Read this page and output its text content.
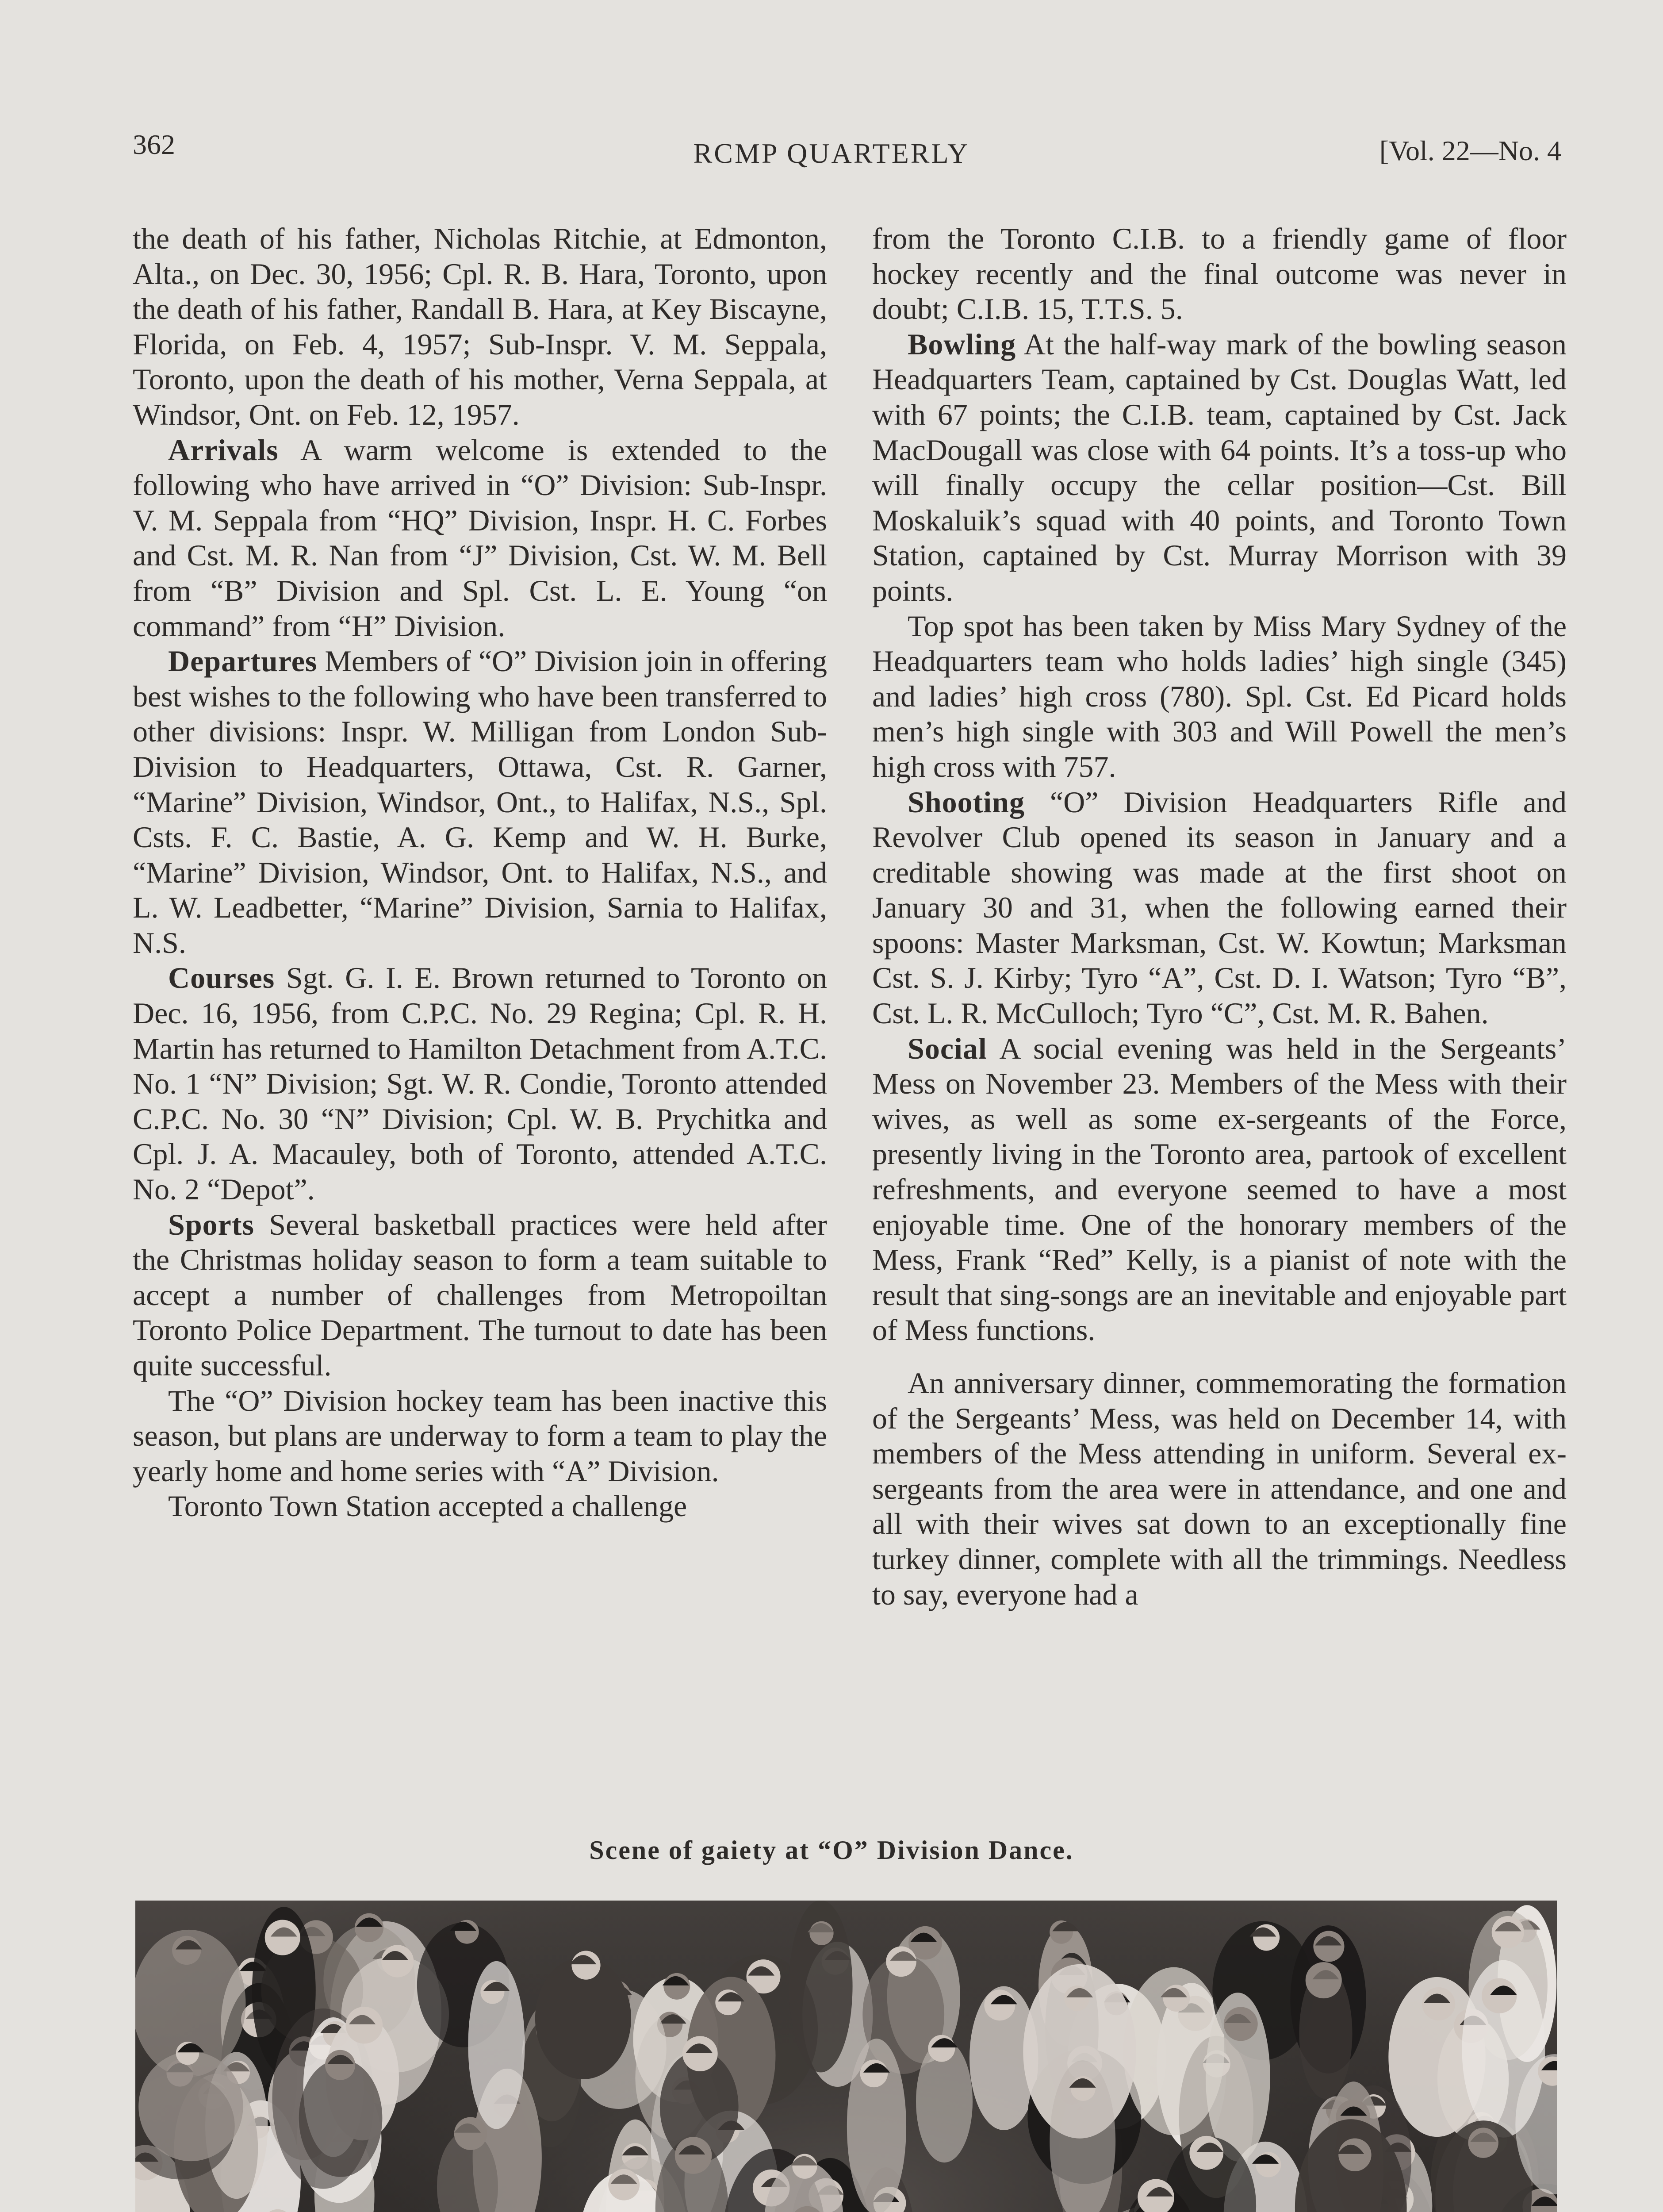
362	RCMP QUARTERLY	[Vol. 22—No. 4

the death of his father, Nicholas Ritchie, at Edmonton, Alta., on Dec. 30, 1956; Cpl. R. B. Hara, Toronto, upon the death of his father, Randall B. Hara, at Key Biscayne, Florida, on Feb. 4, 1957; Sub-Inspr. V. M. Seppala, Toronto, upon the death of his mother, Verna Seppala, at Windsor, Ont. on Feb. 12, 1957.

Arrivals A warm welcome is extended to the following who have arrived in “O” Division: Sub-Inspr. V. M. Seppala from “HQ” Division, Inspr. H. C. Forbes and Cst. M. R. Nan from “J” Division, Cst. W. M. Bell from “B” Division and Spl. Cst. L. E. Young “on command” from “H” Division.

Departures Members of “O” Division join in offering best wishes to the following who have been transferred to other divisions: Inspr. W. Milligan from London Sub-Division to Headquarters, Ottawa, Cst. R. Garner, “Marine” Division, Windsor, Ont., to Halifax, N.S., Spl. Csts. F. C. Bastie, A. G. Kemp and W. H. Burke, “Marine” Division, Windsor, Ont. to Halifax, N.S., and L. W. Leadbetter, “Marine” Division, Sarnia to Halifax, N.S.

Courses Sgt. G. I. E. Brown returned to Toronto on Dec. 16, 1956, from C.P.C. No. 29 Regina; Cpl. R. H. Martin has returned to Hamilton Detachment from A.T.C. No. 1 “N” Division; Sgt. W. R. Condie, Toronto attended C.P.C. No. 30 “N” Division; Cpl. W. B. Prychitka and Cpl. J. A. Macauley, both of Toronto, attended A.T.C. No. 2 “Depot”.

Sports Several basketball practices were held after the Christmas holiday season to form a team suitable to accept a number of challenges from Metropoiltan Toronto Police Department. The turnout to date has been quite successful.

The “O” Division hockey team has been inactive this season, but plans are underway to form a team to play the yearly home and home series with “A” Division.

Toronto Town Station accepted a challenge

from the Toronto C.I.B. to a friendly game of floor hockey recently and the final outcome was never in doubt; C.I.B. 15, T.T.S. 5.

Bowling At the half-way mark of the bowling season Headquarters Team, captained by Cst. Douglas Watt, led with 67 points; the C.I.B. team, captained by Cst. Jack MacDougall was close with 64 points. It’s a toss-up who will finally occupy the cellar position—Cst. Bill Moskaluik’s squad with 40 points, and Toronto Town Station, captained by Cst. Murray Morrison with 39 points.

Top spot has been taken by Miss Mary Sydney of the Headquarters team who holds ladies’ high single (345) and ladies’ high cross (780). Spl. Cst. Ed Picard holds men’s high single with 303 and Will Powell the men’s high cross with 757.

Shooting “O” Division Headquarters Rifle and Revolver Club opened its season in January and a creditable showing was made at the first shoot on January 30 and 31, when the following earned their spoons: Master Marksman, Cst. W. Kowtun; Marksman Cst. S. J. Kirby; Tyro “A”, Cst. D. I. Watson; Tyro “B”, Cst. L. R. McCulloch; Tyro “C”, Cst. M. R. Bahen.

Social A social evening was held in the Sergeants’ Mess on November 23. Members of the Mess with their wives, as well as some ex-sergeants of the Force, presently living in the Toronto area, partook of excellent refreshments, and everyone seemed to have a most enjoyable time. One of the honorary members of the Mess, Frank “Red” Kelly, is a pianist of note with the result that sing-songs are an inevitable and enjoyable part of Mess functions.

An anniversary dinner, commemorating the formation of the Sergeants’ Mess, was held on December 14, with members of the Mess attending in uniform. Several ex-sergeants from the area were in attendance, and one and all with their wives sat down to an exceptionally fine turkey dinner, complete with all the trimmings. Needless to say, everyone had a

Scene of gaiety at “O” Division Dance.
